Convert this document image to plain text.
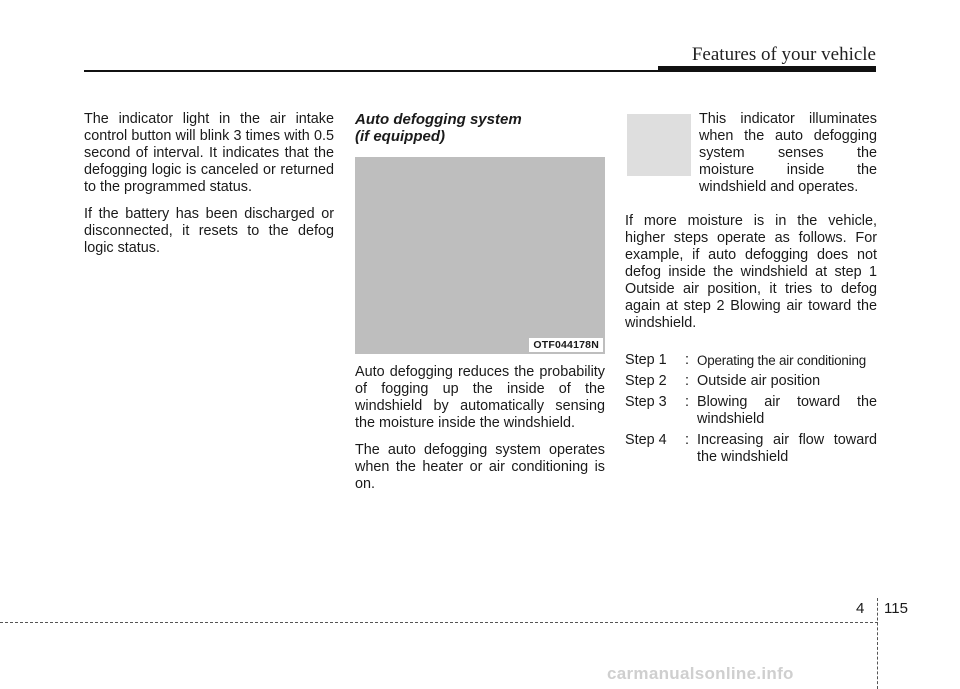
Features of your vehicle

The indicator light in the air intake control button will blink 3 times with 0.5 second of interval. It indicates that the defogging logic is canceled or returned to the programmed status.

If the battery has been discharged or disconnected, it resets to the defog logic status.

Auto defogging system
(if equipped)
OTF044178N

Auto defogging reduces the probability of fogging up the inside of the windshield by automatically sensing the moisture inside the windshield.

The auto defogging system operates when the heater or air conditioning is on.

This indicator illuminates when the auto defogging system senses the moisture inside the windshield and operates.

If more moisture is in the vehicle, higher steps operate as follows. For example, if auto defogging does not defog inside the windshield at step 1 Outside air position, it tries to defog again at step 2 Blowing air toward the windshield.

Step 1	: Operating the air conditioning
Step 2	: Outside air position
Step 3	: Blowing air toward the windshield
Step 4	: Increasing air flow toward the windshield
4 115
carmanualsonline.info
